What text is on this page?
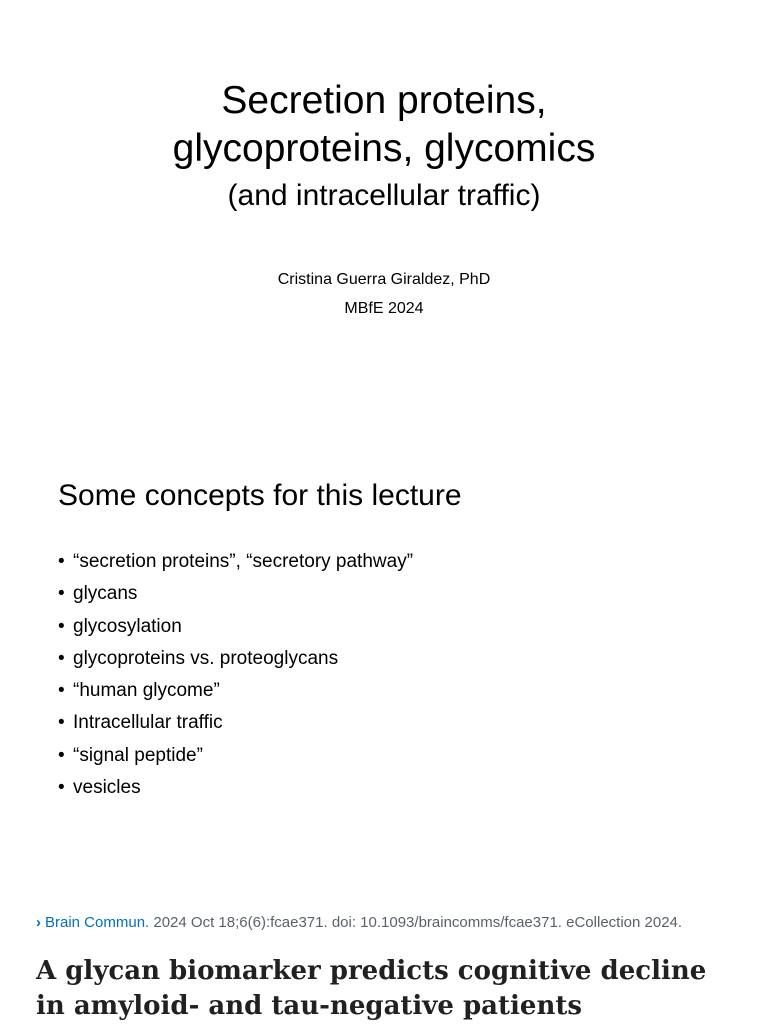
Secretion proteins,
glycoproteins, glycomics
(and intracellular traffic)
Cristina Guerra Giraldez, PhD
MBfE 2024
Some concepts for this lecture
• “secretion proteins”, “secretory pathway”
• glycans
• glycosylation
• glycoproteins vs. proteoglycans
• “human glycome”
• Intracellular traffic
• “signal peptide”
• vesicles
› Brain Commun. 2024 Oct 18;6(6):fcae371. doi: 10.1093/braincomms/fcae371. eCollection 2024.
A glycan biomarker predicts cognitive decline in amyloid- and tau-negative patients
